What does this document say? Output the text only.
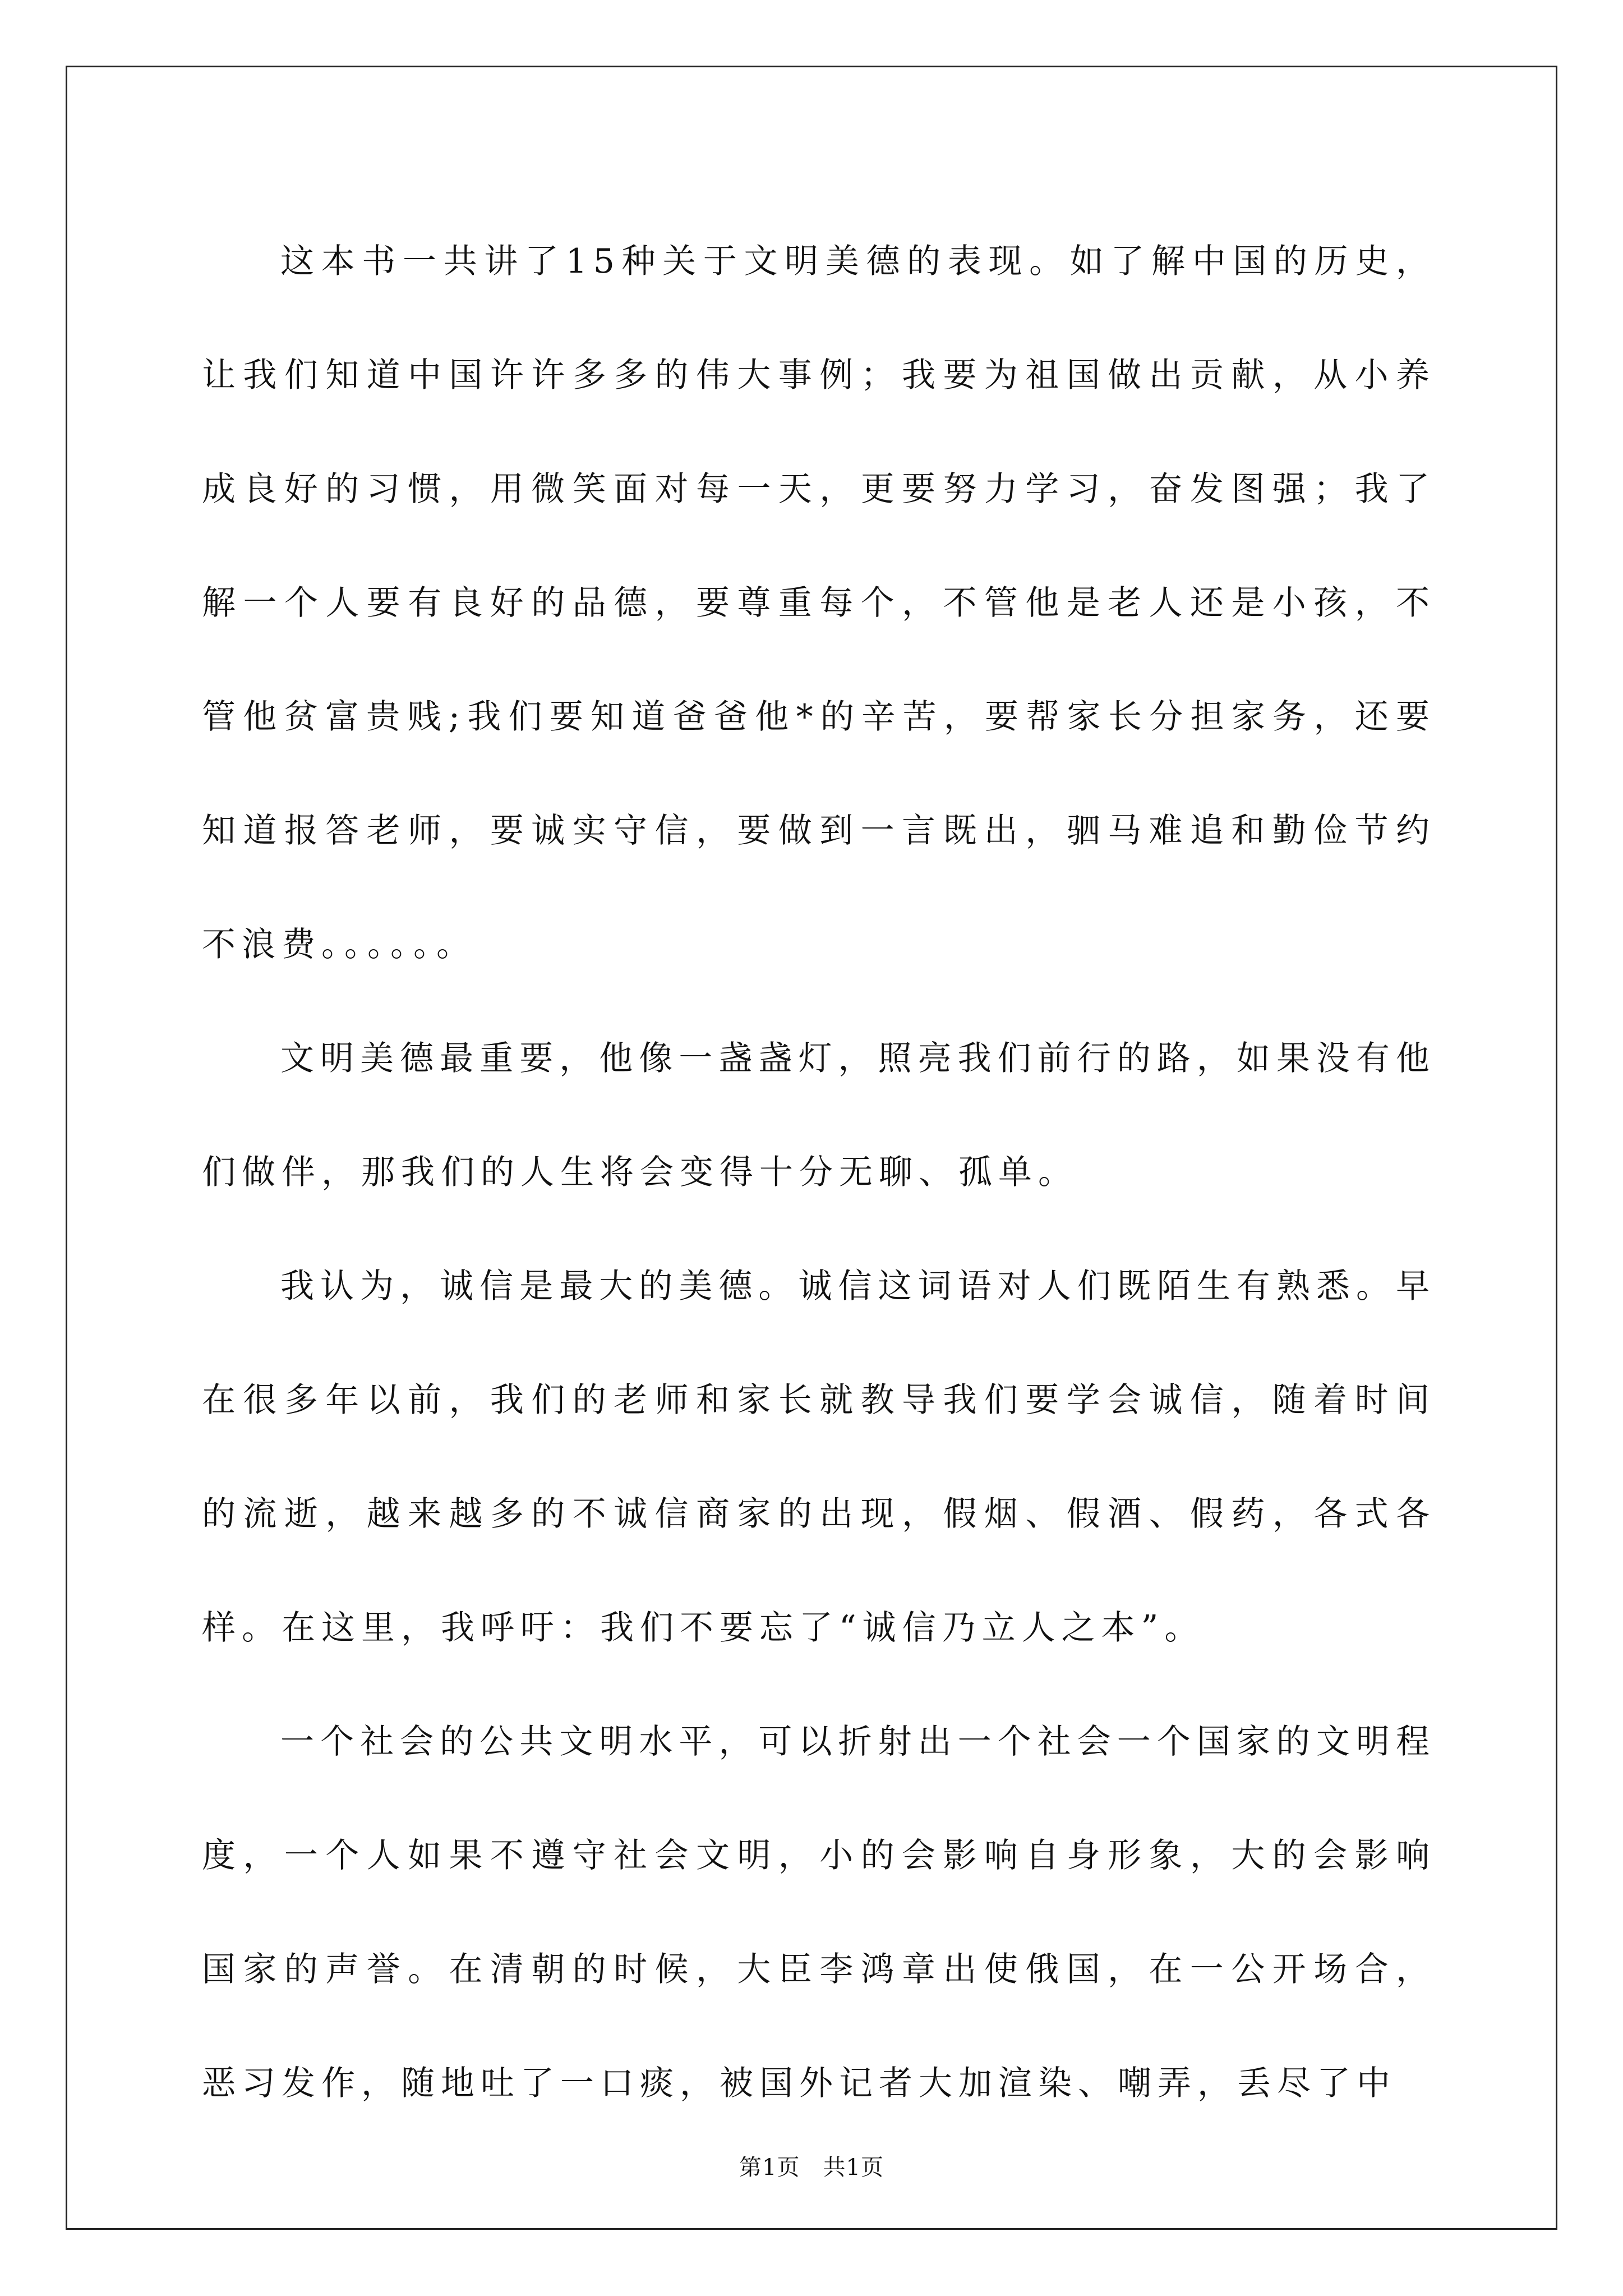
这本书一共讲了15种关于文明美德的表现。如了解中国的历史，让我们知道中国许许多多的伟大事例；我要为祖国做出贡献，从小养成良好的习惯，用微笑面对每一天，更要努力学习，奋发图强；我了解一个人要有良好的品德，要尊重每个，不管他是老人还是小孩，不管他贫富贵贱;我们要知道爸爸他*的辛苦，要帮家长分担家务，还要知道报答老师，要诚实守信，要做到一言既出，驷马难追和勤俭节约不浪费。。。。。。

文明美德最重要，他像一盏盏灯，照亮我们前行的路，如果没有他们做伴，那我们的人生将会变得十分无聊、孤单。

我认为，诚信是最大的美德。诚信这词语对人们既陌生有熟悉。早在很多年以前，我们的老师和家长就教导我们要学会诚信，随着时间的流逝，越来越多的不诚信商家的出现，假烟、假酒、假药，各式各样。在这里，我呼吁：我们不要忘了“诚信乃立人之本”。

一个社会的公共文明水平，可以折射出一个社会一个国家的文明程度，一个人如果不遵守社会文明，小的会影响自身形象，大的会影响国家的声誉。在清朝的时候，大臣李鸿章出使俄国，在一公开场合，恶习发作，随地吐了一口痰，被国外记者大加渲染、嘲弄，丢尽了中

第1页　共1页
